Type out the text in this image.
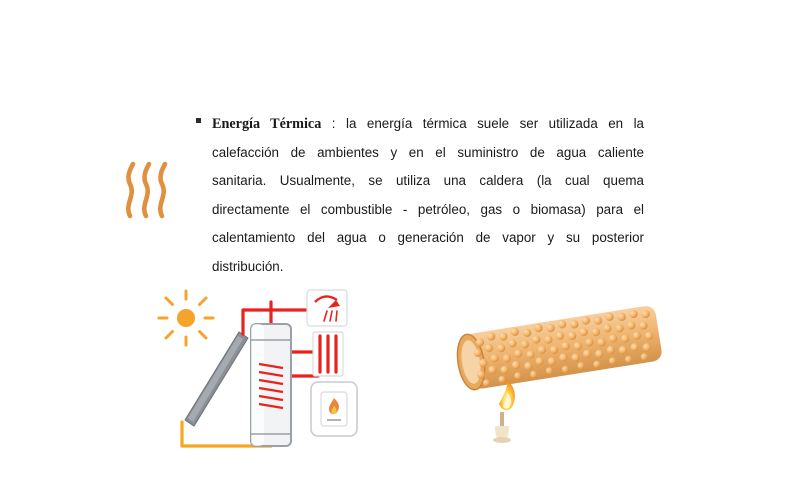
Energía Térmica : la energía térmica suele ser utilizada en la
calefacción de ambientes y en el suministro de agua caliente
sanitaria. Usualmente, se utiliza una caldera (la cual quema
directamente el combustible - petróleo, gas o biomasa) para el
calentamiento del agua o generación de vapor y su posterior
distribución.
